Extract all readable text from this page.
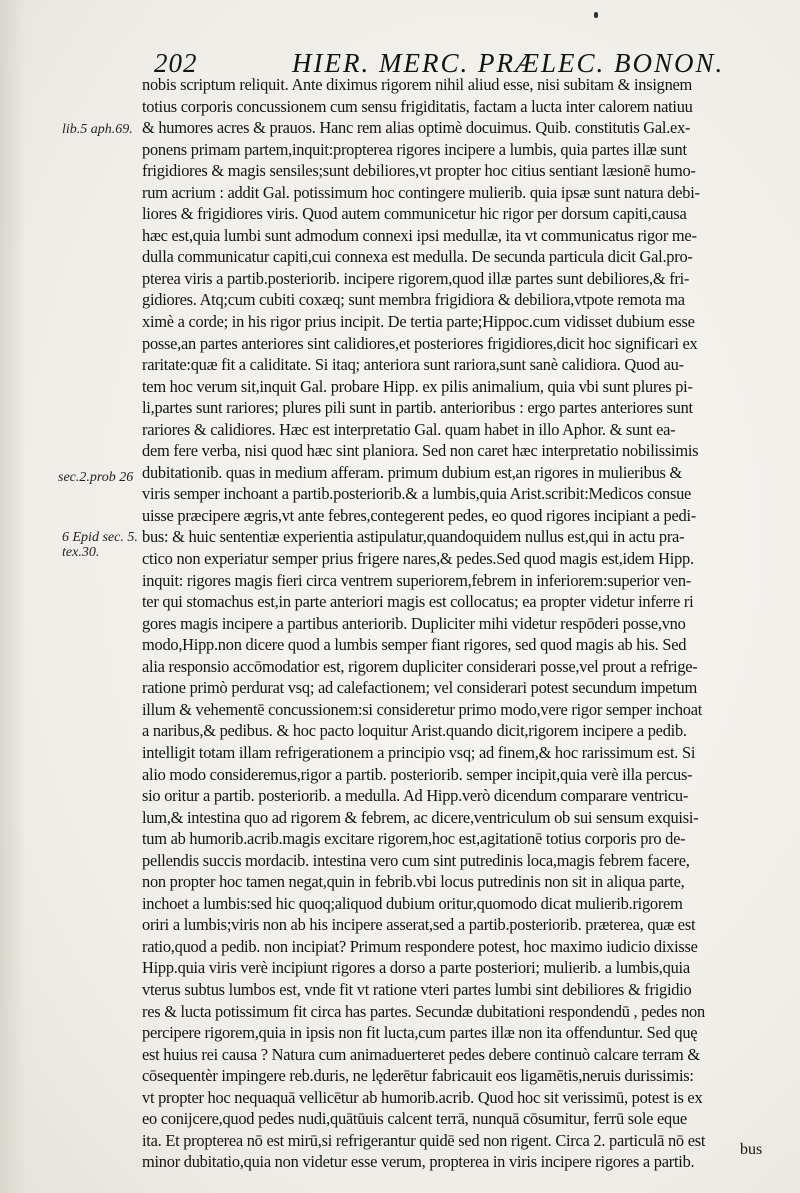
202	HIER. MERC. PRÆLEC. BONON.
lib.5 aph.69.
sec.2.prob 26
6 Epid sec. 5.
tex.30.
nobis scriptum reliquit. Ante diximus rigorem nihil aliud esse, nisi subitam & insignem
totius corporis concussionem cum sensu frigiditatis, factam a lucta inter calorem natiuu
& humores acres & prauos. Hanc rem alias optimè docuimus. Quib. constitutis Gal.ex-
ponens primam partem,inquit:propterea rigores incipere a lumbis, quia partes illæ sunt
frigidiores & magis sensiles;sunt debiliores,vt propter hoc citius sentiant læsionē humo-
rum acrium : addit Gal. potissimum hoc contingere mulierib. quia ipsæ sunt natura debi-
liores & frigidiores viris. Quod autem communicetur hic rigor per dorsum capiti,causa
hæc est,quia lumbi sunt admodum connexi ipsi medullæ, ita vt communicatus rigor me-
dulla communicatur capiti,cui connexa est medulla. De secunda particula dicit Gal.pro-
pterea viris a partib.posteriorib. incipere rigorem,quod illæ partes sunt debiliores,& fri-
gidiores. Atq;cum cubiti coxæq; sunt membra frigidiora & debiliora,vtpote remota ma
ximè a corde; in his rigor prius incipit. De tertia parte;Hippoc.cum vidisset dubium esse
posse,an partes anteriores sint calidiores,et posteriores frigidiores,dicit hoc significari ex
raritate:quæ fit a caliditate. Si itaq; anteriora sunt rariora,sunt sanè calidiora. Quod au-
tem hoc verum sit,inquit Gal. probare Hipp. ex pilis animalium, quia vbi sunt plures pi-
li,partes sunt rariores; plures pili sunt in partib. anterioribus : ergo partes anteriores sunt
rariores & calidiores. Hæc est interpretatio Gal. quam habet in illo Aphor. & sunt ea-
dem fere verba, nisi quod hæc sint planiora. Sed non caret hæc interpretatio nobilissimis
dubitationib. quas in medium afferam. primum dubium est,an rigores in mulieribus &
viris semper inchoant a partib.posteriorib.& a lumbis,quia Arist.scribit:Medicos consue
uisse præcipere ægris,vt ante febres,contegerent pedes, eo quod rigores incipiant a pedi-
bus: & huic sententiæ experientia astipulatur,quandoquidem nullus est,qui in actu pra-
ctico non experiatur semper prius frigere nares,& pedes.Sed quod magis est,idem Hipp.
inquit: rigores magis fieri circa ventrem superiorem,febrem in inferiorem:superior ven-
ter qui stomachus est,in parte anteriori magis est collocatus; ea propter videtur inferre ri
gores magis incipere a partibus anteriorib. Dupliciter mihi videtur respōderi posse,vno
modo,Hipp.non dicere quod a lumbis semper fiant rigores, sed quod magis ab his. Sed
alia responsio accōmodatior est, rigorem dupliciter considerari posse,vel prout a refrige-
ratione primò perdurat vsq; ad calefactionem; vel considerari potest secundum impetum
illum & vehementē concussionem:si consideretur primo modo,vere rigor semper inchoat
a naribus,& pedibus. & hoc pacto loquitur Arist.quando dicit,rigorem incipere a pedib.
intelligit totam illam refrigerationem a principio vsq; ad finem,& hoc rarissimum est. Si
alio modo consideremus,rigor a partib. posteriorib. semper incipit,quia verè illa percus-
sio oritur a partib. posteriorib. a medulla. Ad Hipp.verò dicendum comparare ventricu-
lum,& intestina quo ad rigorem & febrem, ac dicere,ventriculum ob sui sensum exquisi-
tum ab humorib.acrib.magis excitare rigorem,hoc est,agitationē totius corporis pro de-
pellendis succis mordacib. intestina vero cum sint putredinis loca,magis febrem facere,
non propter hoc tamen negat,quin in febrib.vbi locus putredinis non sit in aliqua parte,
inchoet a lumbis:sed hic quoq;aliquod dubium oritur,quomodo dicat mulierib.rigorem
oriri a lumbis;viris non ab his incipere asserat,sed a partib.posteriorib. præterea, quæ est
ratio,quod a pedib. non incipiat? Primum respondere potest, hoc maximo iudicio dixisse
Hipp.quia viris verè incipiunt rigores a dorso a parte posteriori; mulierib. a lumbis,quia
vterus subtus lumbos est, vnde fit vt ratione vteri partes lumbi sint debiliores & frigidio
res & lucta potissimum fit circa has partes. Secundæ dubitationi respondendū , pedes non
percipere rigorem,quia in ipsis non fit lucta,cum partes illæ non ita offenduntur. Sed quę
est huius rei causa ? Natura cum animaduerteret pedes debere continuò calcare terram &
cōsequentèr impingere reb.duris, ne lęderētur fabricauit eos ligamētis,neruis durissimis:
vt propter hoc nequaquā vellicētur ab humorib.acrib. Quod hoc sit verissimū, potest is ex
eo conijcere,quod pedes nudi,quātūuis calcent terrā, nunquā cōsumitur, ferrū sole eque
ita. Et propterea nō est mirū,si refrigerantur quidē sed non rigent. Circa 2. particulā nō est
minor dubitatio,quia non videtur esse verum, propterea in viris incipere rigores a partib.
bus
